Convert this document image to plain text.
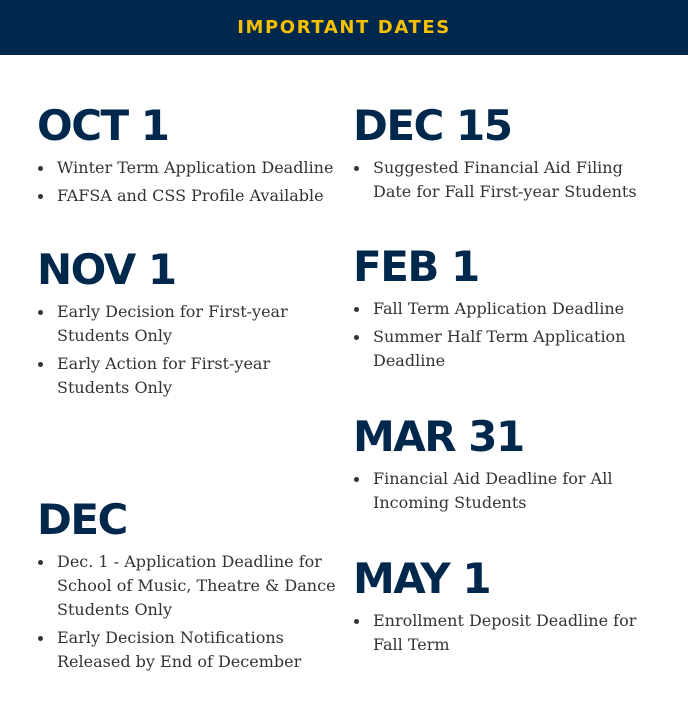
IMPORTANT DATES
OCT 1
Winter Term Application Deadline
FAFSA and CSS Profile Available
NOV 1
Early Decision for First-year Students Only
Early Action for First-year Students Only
DEC
Dec. 1 - Application Deadline for School of Music, Theatre & Dance Students Only
Early Decision Notifications Released by End of December
DEC 15
Suggested Financial Aid Filing Date for Fall First-year Students
FEB 1
Fall Term Application Deadline
Summer Half Term Application Deadline
MAR 31
Financial Aid Deadline for All Incoming Students
MAY 1
Enrollment Deposit Deadline for Fall Term
